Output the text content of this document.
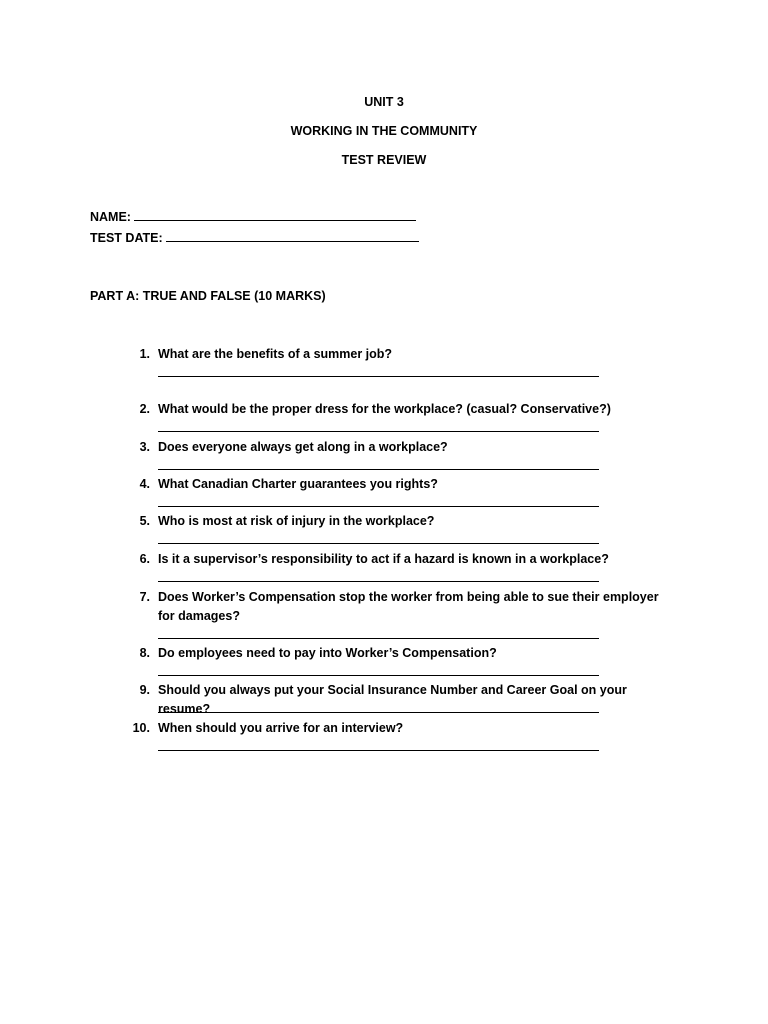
UNIT 3
WORKING IN THE COMMUNITY
TEST REVIEW
NAME:
TEST DATE:
PART A: TRUE AND FALSE (10 MARKS)
1. What are the benefits of a summer job?
2. What would be the proper dress for the workplace? (casual? Conservative?)
3. Does everyone always get along in a workplace?
4. What Canadian Charter guarantees you rights?
5. Who is most at risk of injury in the workplace?
6. Is it a supervisor’s responsibility to act if a hazard is known in a workplace?
7. Does Worker’s Compensation stop the worker from being able to sue their employer for damages?
8. Do employees need to pay into Worker’s Compensation?
9. Should you always put your Social Insurance Number and Career Goal on your resume?
10. When should you arrive for an interview?
